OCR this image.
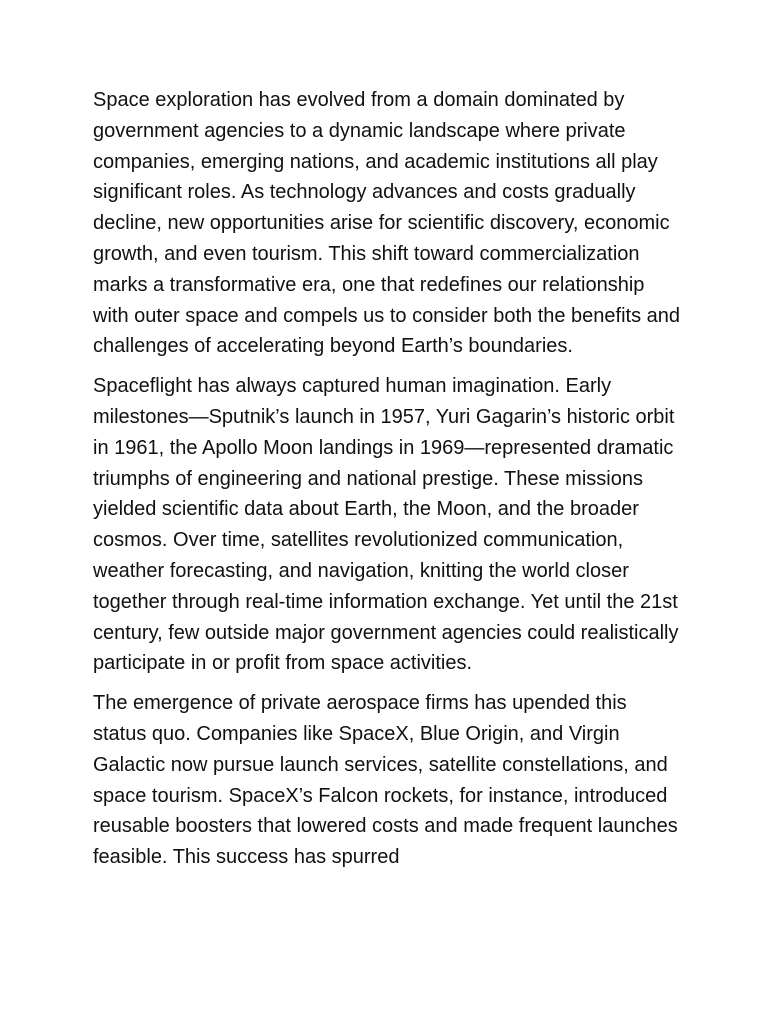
Space exploration has evolved from a domain dominated by government agencies to a dynamic landscape where private companies, emerging nations, and academic institutions all play significant roles. As technology advances and costs gradually decline, new opportunities arise for scientific discovery, economic growth, and even tourism. This shift toward commercialization marks a transformative era, one that redefines our relationship with outer space and compels us to consider both the benefits and challenges of accelerating beyond Earth’s boundaries.

Spaceflight has always captured human imagination. Early milestones—Sputnik’s launch in 1957, Yuri Gagarin’s historic orbit in 1961, the Apollo Moon landings in 1969—represented dramatic triumphs of engineering and national prestige. These missions yielded scientific data about Earth, the Moon, and the broader cosmos. Over time, satellites revolutionized communication, weather forecasting, and navigation, knitting the world closer together through real-time information exchange. Yet until the 21st century, few outside major government agencies could realistically participate in or profit from space activities.

The emergence of private aerospace firms has upended this status quo. Companies like SpaceX, Blue Origin, and Virgin Galactic now pursue launch services, satellite constellations, and space tourism. SpaceX’s Falcon rockets, for instance, introduced reusable boosters that lowered costs and made frequent launches feasible. This success has spurred
